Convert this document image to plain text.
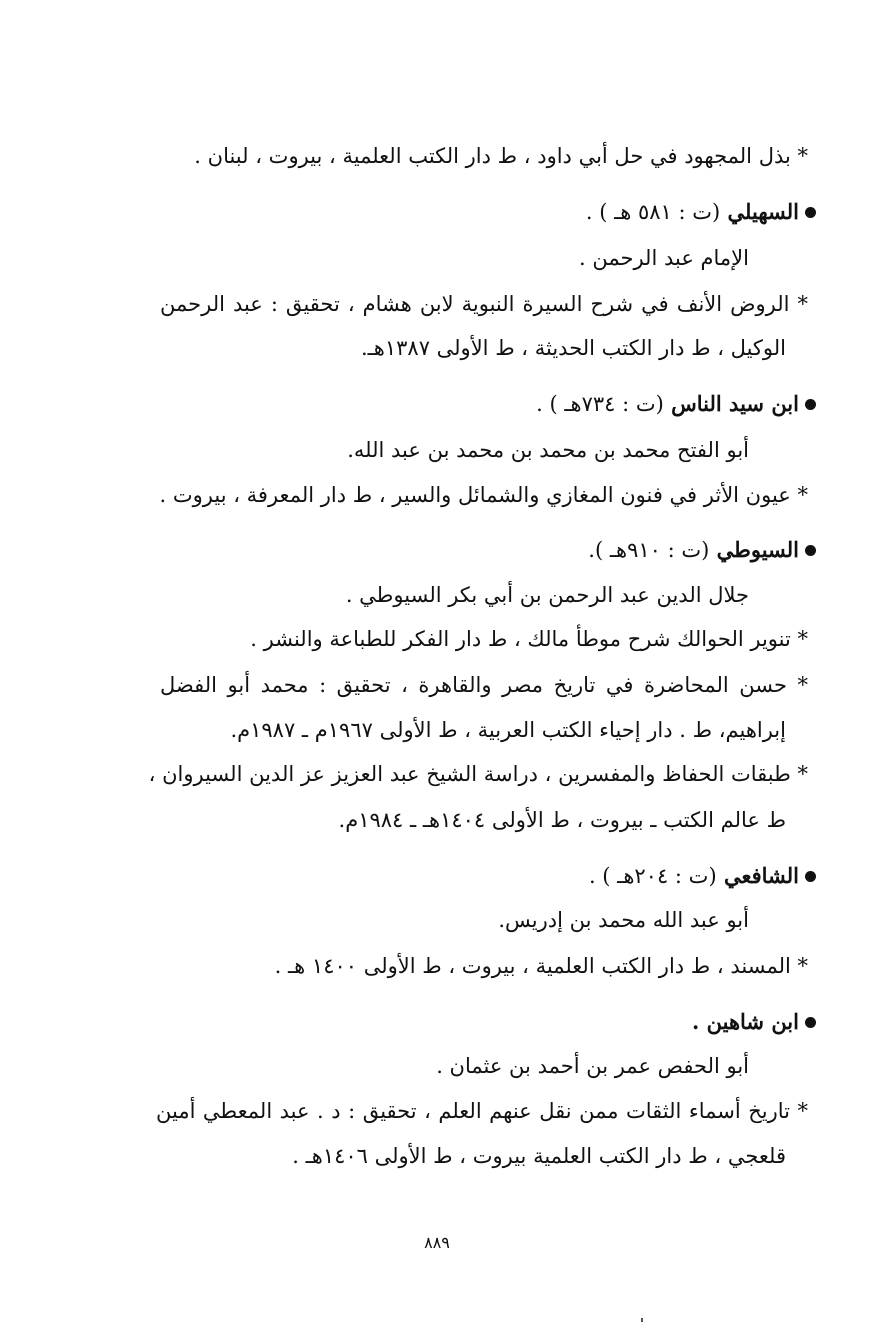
* بذل المجهود في حل أبي داود ، ط دار الكتب العلمية ، بيروت ، لبنان .
السهيلي (ت : ٥٨١ هـ ) .
الإمام عبد الرحمن .
* الروض الأنف في شرح السيرة النبوية لابن هشام ، تحقيق : عبد الرحمن
الوكيل ، ط دار الكتب الحديثة ، ط الأولى ١٣٨٧هـ.
ابن سيد الناس (ت : ٧٣٤هـ ) .
أبو الفتح محمد بن محمد بن محمد بن عبد الله.
* عيون الأثر في فنون المغازي والشمائل والسير ، ط دار المعرفة ، بيروت .
السيوطي (ت : ٩١٠هـ ).
جلال الدين عبد الرحمن بن أبي بكر السيوطي .
* تنوير الحوالك شرح موطأ مالك ، ط دار الفكر للطباعة والنشر .
* حسن المحاضرة في تاريخ مصر والقاهرة ، تحقيق : محمد أبو الفضل
إبراهيم، ط . دار إحياء الكتب العربية ، ط الأولى ١٩٦٧م ـ ١٩٨٧م.
* طبقات الحفاظ والمفسرين ، دراسة الشيخ عبد العزيز عز الدين السيروان ،
ط عالم الكتب ـ بيروت ، ط الأولى ١٤٠٤هـ ـ ١٩٨٤م.
الشافعي (ت : ٢٠٤هـ ) .
أبو عبد الله محمد بن إدريس.
* المسند ، ط دار الكتب العلمية ، بيروت ، ط الأولى ١٤٠٠ هـ .
ابن شاهين .
أبو الحفص عمر بن أحمد بن عثمان .
* تاريخ أسماء الثقات ممن نقل عنهم العلم ، تحقيق : د . عبد المعطي أمين
قلعجي ، ط دار الكتب العلمية بيروت ، ط الأولى ١٤٠٦هـ .
٨٨٩
